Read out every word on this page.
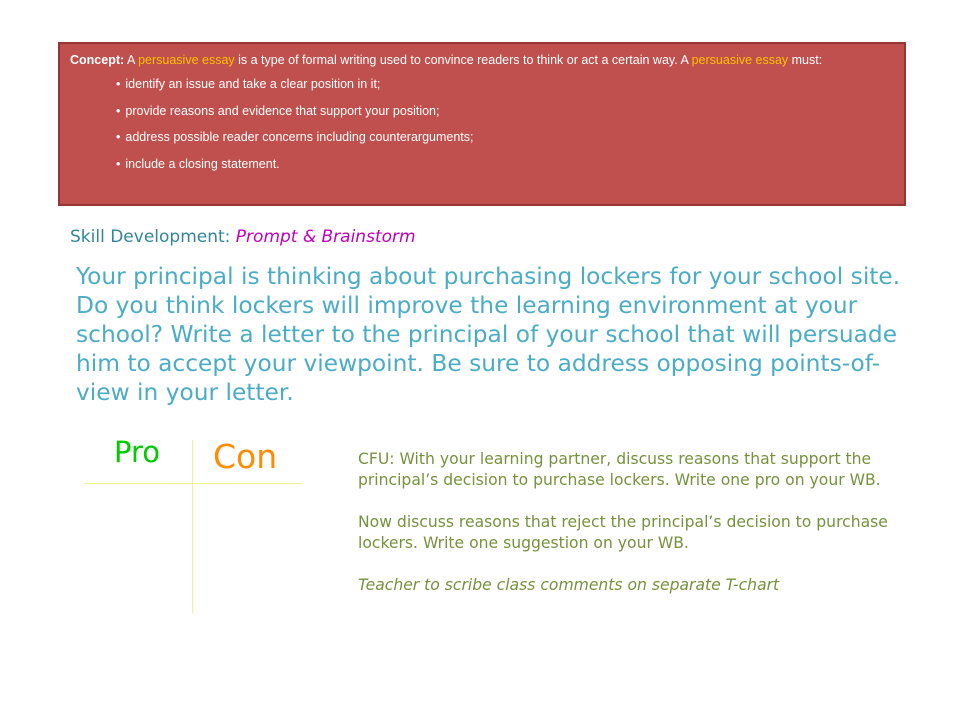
Concept: A persuasive essay is a type of formal writing used to convince readers to think or act a certain way. A persuasive essay must:
• identify an issue and take a clear position in it;
• provide reasons and evidence that support your position;
• address possible reader concerns including counterarguments;
• include a closing statement.
Skill Development: Prompt & Brainstorm
Your principal is thinking about purchasing lockers for your school site. Do you think lockers will improve the learning environment at your school? Write a letter to the principal of your school that will persuade him to accept your viewpoint. Be sure to address opposing points-of-view in your letter.
Pro Con	CFU: With your learning partner, discuss reasons that support the principal’s decision to purchase lockers. Write one pro on your WB.

Now discuss reasons that reject the principal’s decision to purchase lockers. Write one suggestion on your WB.

Teacher to scribe class comments on separate T-chart
